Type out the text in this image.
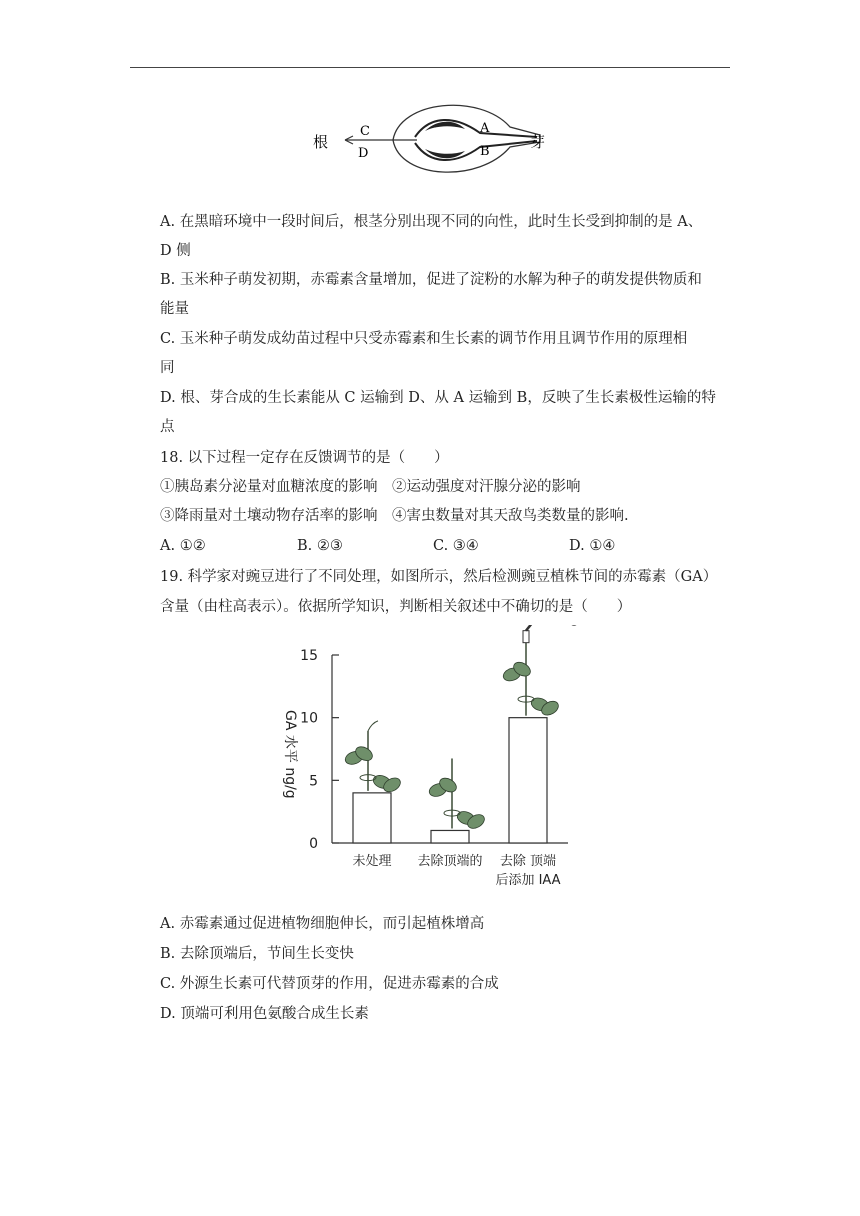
根	芽
C
D
A
B
A. 在黑暗环境中一段时间后，根茎分别出现不同的向性，此时生长受到抑制的是 A、
D 侧
B. 玉米种子萌发初期，赤霉素含量增加，促进了淀粉的水解为种子的萌发提供物质和
能量
C. 玉米种子萌发成幼苗过程中只受赤霉素和生长素的调节作用且调节作用的原理相
同
D. 根、芽合成的生长素能从 C 运输到 D、从 A 运输到 B，反映了生长素极性运输的特
点
18. 以下过程一定存在反馈调节的是（　　）
①胰岛素分泌量对血糖浓度的影响　②运动强度对汗腺分泌的影响
③降雨量对土壤动物存活率的影响　④害虫数量对其天敌鸟类数量的影响.
A. ①②	B. ②③	C. ③④	D. ①④
19. 科学家对豌豆进行了不同处理，如图所示，然后检测豌豆植株节间的赤霉素（GA）
含量（由柱高表示）。依据所学知识，判断相关叙述中不确切的是（　　）
0
5
10
15
未处理 去除顶端的 去除 顶端
后添加 IAA
GA 水平 ng/g
A. 赤霉素通过促进植物细胞伸长，而引起植株增高
B. 去除顶端后，节间生长变快
C. 外源生长素可代替顶芽的作用，促进赤霉素的合成
D. 顶端可利用色氨酸合成生长素
